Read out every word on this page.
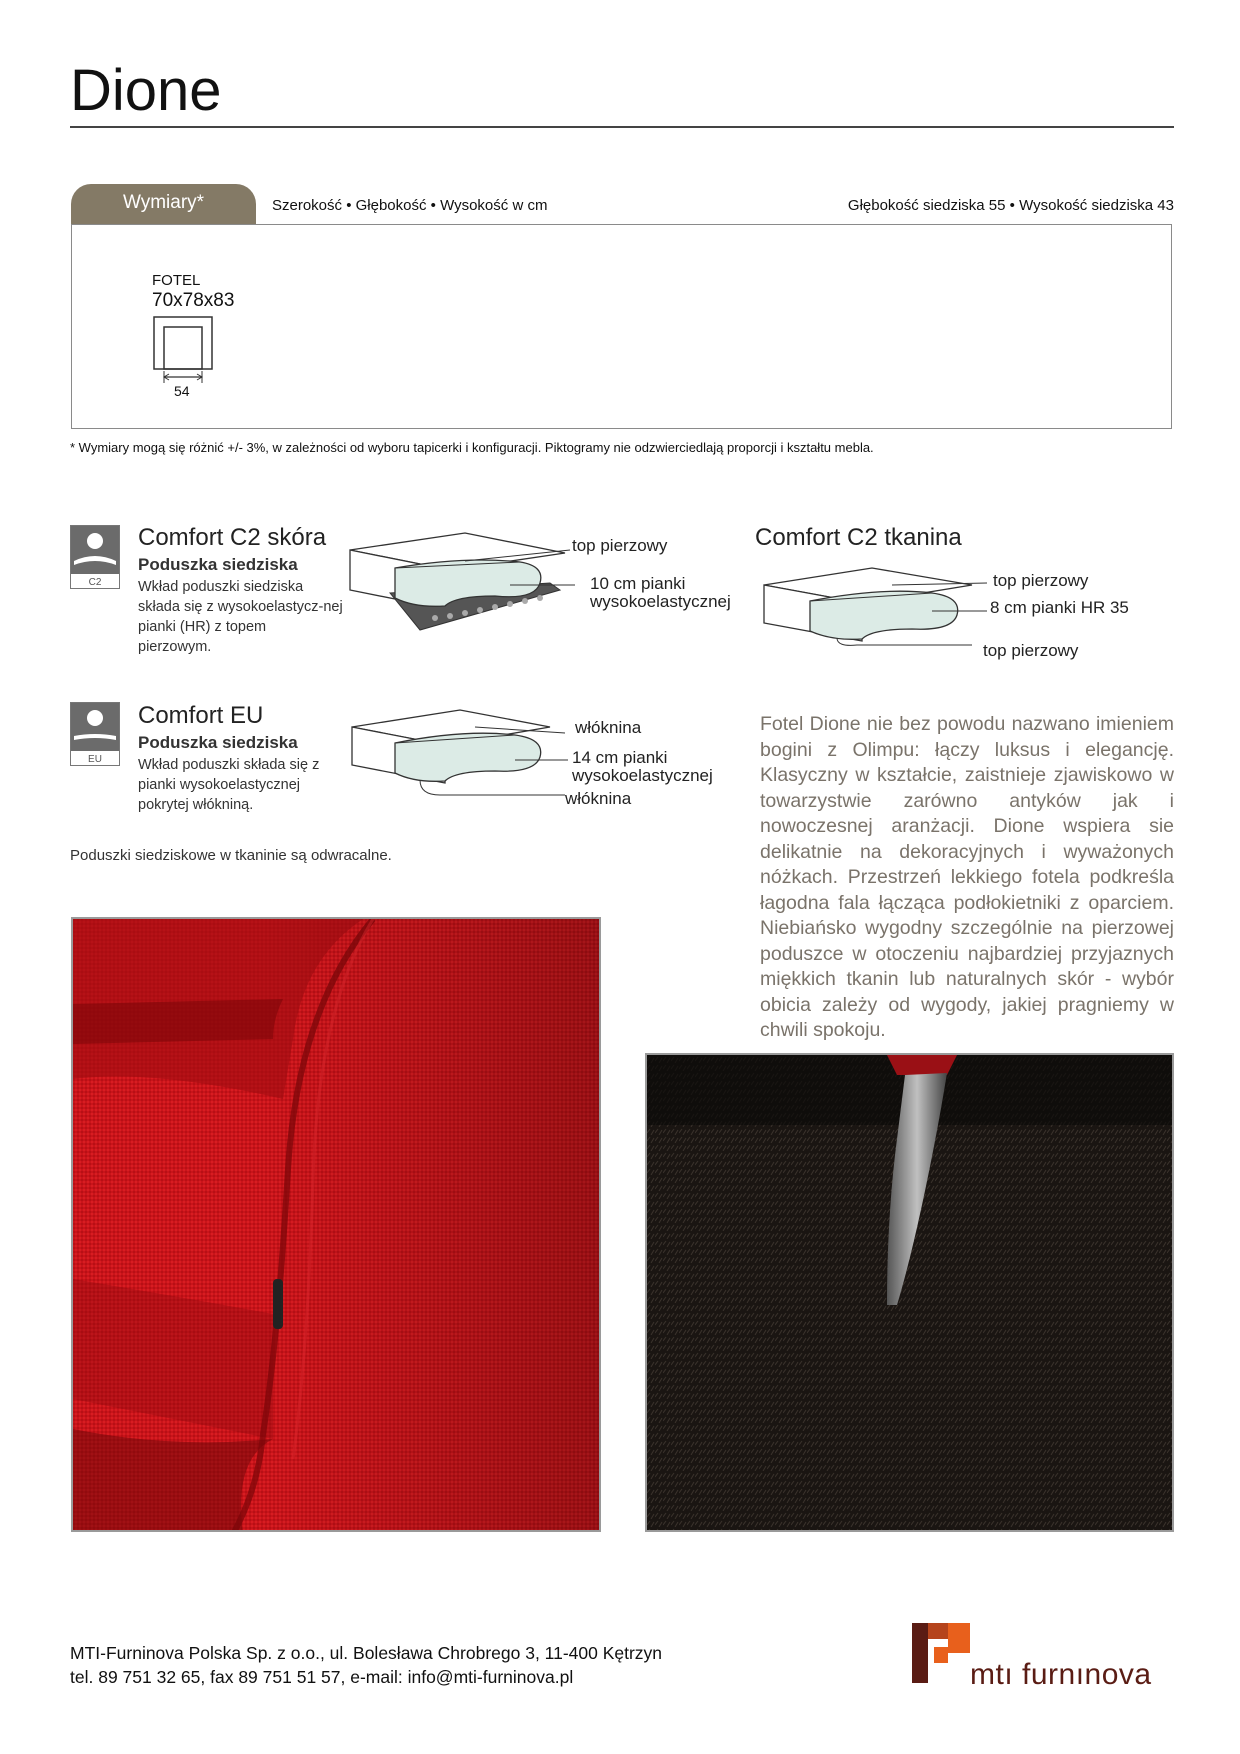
Dione
Wymiary*	Szerokość • Głębokość • Wysokość w cm	Głębokość siedziska 55 • Wysokość siedziska 43
FOTEL
70x78x83
54
* Wymiary mogą się różnić +/- 3%, w zależności od wyboru tapicerki i konfiguracji. Piktogramy nie odzwierciedlają proporcji i kształtu mebla.
C2
Comfort C2 skóra
Poduszka siedziska
Wkład poduszki siedziska składa się z wysokoelastycz-nej pianki (HR) z topem pierzowym.
top pierzowy
10 cm pianki wysokoelastycznej
Comfort C2 tkanina
top pierzowy
8 cm pianki HR 35
top pierzowy
EU
Comfort EU
Poduszka siedziska
Wkład poduszki składa się z pianki wysokoelastycznej pokrytej włókniną.
włóknina
14 cm pianki wysokoelastycznej
włóknina
Poduszki siedziskowe w tkaninie są odwracalne.
Fotel Dione nie bez powodu nazwano imieniem bogini z Olimpu: łączy luksus i elegancję. Klasyczny w kształcie, zaistnieje zjawiskowo w towarzystwie zarówno antyków jak i nowoczesnej aranżacji. Dione wspiera sie delikatnie na dekoracyjnych i wyważonych nóżkach. Przestrzeń lekkiego fotela podkreśla łagodna fala łącząca podłokietniki z oparciem. Niebiańsko wygodny szczególnie na pierzowej poduszce w otoczeniu najbardziej przyjaznych miękkich tkanin lub naturalnych skór - wybór obicia zależy od wygody, jakiej pragniemy w chwili spokoju.
MTI-Furninova Polska Sp. z o.o., ul. Bolesława Chrobrego 3, 11-400 Kętrzyn
tel. 89 751 32 65, fax 89 751 51 57, e-mail: info@mti-furninova.pl	mtı furnınova
